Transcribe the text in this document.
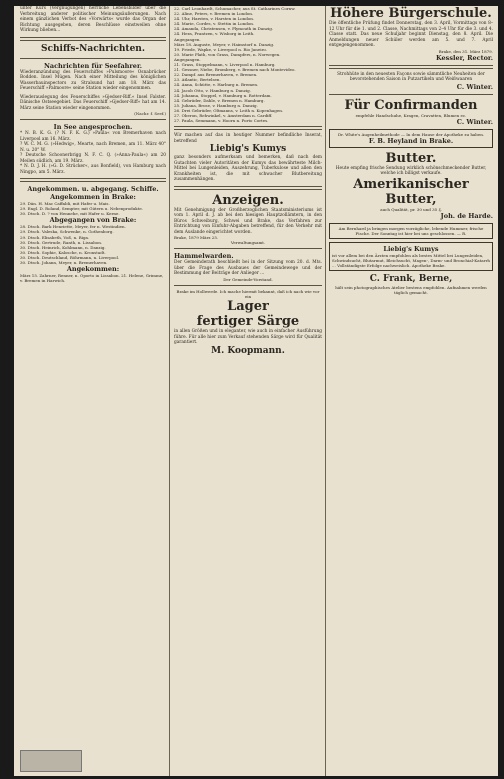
unter Kurs (Vergnügungen) herrliche Lebensbilder über die Verbreitung anderer politischer Meinungsäußerungen. Nach einem gänzlichen Verbot des »Vorwärts« wurde das Organ der Richtung ausgegeben, deren Beschlüsse einstweilen ohne Wirkung blieben...

Schiffs-Nachrichten.

Nachrichten für Seefahrer.

Wiederanzündung des Feuerschiffes »Pulsmoore« Osnabrücker Bodden. Insel Mügen. Nach einer Mitteilung des königlichen Wasserbauinspectors zu Stralsund hat am 18. März das Feuerschiff »Palmoore« seine Station wieder eingenommen.

Wiederauslegung des Feuerschiffes »Gjedser-Riff.« Insel Falster. Dänische Ostseegebiet. Das Feuerschiff »Gjedser-Riff« hat am 14. März seine Station wieder eingenommen.

(Nachr. f. Seef.)

In See angesprochen.

* N. B. K. G. (? N. F. K. G.) »Paula« von Bremerhaven nach Liverpool am 16. März.

? W. C. M. G. (»Hedwig«, Mearte, nach Bremen, am 11. März 40° N. u. 20° W.

? Deutsche Schoonerbrigg N. F. C. Q. (»Anna-Paula«) am 20 Meilen südlich, am 19. März.

* N. D. J. H. (»G. D. Strücker«, aus Bonfield), von Hamburg nach Ningpo, am 5. März.

Angekommen. u. abgegang. Schiffe.

Angekommen in Brake:

29. Dän. H. Mac Caffaldi, mit Hafer u. Mais.
29. Engl. D. Roland, Sempter, mit Gütern u. Nebenprodukte.
30. Dtsch. D. ? von Hennehe, mit Hafer u. Kerne.

Abgegangen von Brake:

28. Dtsch. Bark Henriette, Meyer, fer n. Westindien.
29. Dtsch. Valeska, Schwenke, n. Gothenborg.
29. Dtsch. Elisabeth, Voß, n. Riga.
30. Dtsch. Gertrude, Ranth, n. Lissabon.
30. Dtsch. Heinrich, Kohlmann, n. Danzig.
30. Dtsch. Sophie, Kalosche, n. Kronstadt.
30. Dtsch. Deutschland, Röhrmann, n. Liverpool.
30. Dtsch. Johann, Meyer, n. Bremerhaven.

Angekommen:

März 15. Zahrner, Renner, n. Oporto in Lissabon. 21. Helene, Grimme, v. Bremen in Harwich.

22. Carl Leonhardt, Schumacher, aus St. Catharines Cornw.
22. Aline, Peters, v. Bremen in London.
24. Uhr, Harsten, v. Harsten in London.
24. Marie, Cordes, v. Stettin in London.
24. Amanda, Christensen, v. Plymouth in Danzig.
24. Hera, Frantzen, v. Wisborg in Leith.
Angegangen.
März 18. Auguste, Meyer, v. Haimstorf n. Danzig.
19. Friede, Wapke, v. Liverpool n. Rio Janeiro.
20. Marie Plath, von Grass, Dampfers, n. Norwegen.
Angegangen.
21. Grass, Stoppelmann, v. Liverpool n. Hamburg.
21. Gessner, Niebe, Bromberg, v. Bremen nach Montevideo.
22. Dampf. aus Bremerhaven, v. Bremen.
23. Atlantic, Bertelsen.
24. Anna, Schütte, v. Harburg n. Bremen.
24. Jacob Otto, v. Hamburg n. Danzig.
24. Johanna, Stoppel, v. Hamburg n. Rotterdam.
24. Gebrüder, Dahle, v. Bremen n. Hamburg.
25. Juliana, Brose, v. Hamburg n. Danzig.
26. Drei Gebrüder, Oltmanns, v. Leith n. Kopenhagen.
27. Oberon, Rehwinkel, v. Amsterdam n. Cardiff.
27. Paula, Semmann, v. Hoorn n. Porto Cortes.

Wir machen auf das in heutiger Nummer befindliche Inserat, betreffend

Liebig's Kumys

ganz besonders aufmerksam und bemerken, daß nach dem Gutachten vieler Autoritäten der Kumys das bewährteste Milch-Mittel bei Lungenleiden, Auszehrung, Tuberkulose und allen den Krankheiten ist, die mit schwacher Blutbereitung zusammenhängen.

Anzeigen.

Mit Genehmigung der Großherzoglichen Staatsministeriums ist vom 1. April d. J. ab bei den hiesigen Hauptzollämtern, in den Büros Schweiburg, Schwei und Brake, das Verfahren zur Entrichtung von Einfuhr-Abgaben betreffend, für den Verkehr mit dem Auslande eingerichtet worden.

Brake, 1879 März 25.

Verwaltungsamt.

Hammelwarden.

Der Gemeinderath beschließt bei in der Sitzung vom 20. d. Mts. über die Frage des Ausbaues der Gemeindewege und der Bestimmung der Beiträge der Anlieger ...

Der Gemeinde-Vorstand.

Brake im Hollwerde. Ich mache hiermit bekannt, daß ich nach wie vor ein

Lager

fertiger Särge

in allen Größen und in eleganter, wie auch in einfacher Ausführung führe. Für alle hier zum Verkauf stehenden Särge wird für Qualität garantiert.

M. Koopmann.

Höhere Bürgerschule.

Die öffentliche Prüfung findet Donnerstag, den 3. April, Vormittags von 8–12 Uhr für die 1. und 2. Classe, Nachmittags von 2–4 Uhr für die 3. und 4. Classe statt. Das neue Schuljahr beginnt Dienstag, den 8. April. Die Anmeldungen neuer Schüler werden am 5. und 7. April entgegengenommen.

Brake, den 31. März 1879.

Kessler, Rector.

Strohhüte in den neuesten Façons sowie sämmtliche Neuheiten der bevorstehenden Saison in Putzartikeln und Weißwaaren

C. Winter.

Für Confirmanden

empfehle Handschuhe, Kragen, Cravatten, Blumen ec.

C. Winter.

Dr. White's Augenheilmethode — In dem Hause der Apotheke zu haben.

F. B. Heyland in Brake.

Butter.

Heute empfing frische Sendung wirklich schönschmeckender Butter, welche ich billigst verkaufe.

Amerikanischer Butter,

auch Qualität, pr. 30 und 35 ₰.

Joh. de Harde.

Am Bernhard ja bringen morgen vorzügliche, lebende Hummer, frische Fische. Der Sonntag ist hier bei uns geschlossen. — R.

Liebig's Kumys

ist vor allem bei den Ärzten empfohlen als bestes Mittel bei Lungenleiden, Schwindsucht, Blutarmut, Bleichsucht, Magen-, Darm- und Bronchial-Katarrh ... Vollständigste Erfolge nachweislich. Apotheke Brake.

C. Frank, Berne,

hält sein photographisches Atelier bestens empfohlen. Aufnahmen werden täglich gemacht.
